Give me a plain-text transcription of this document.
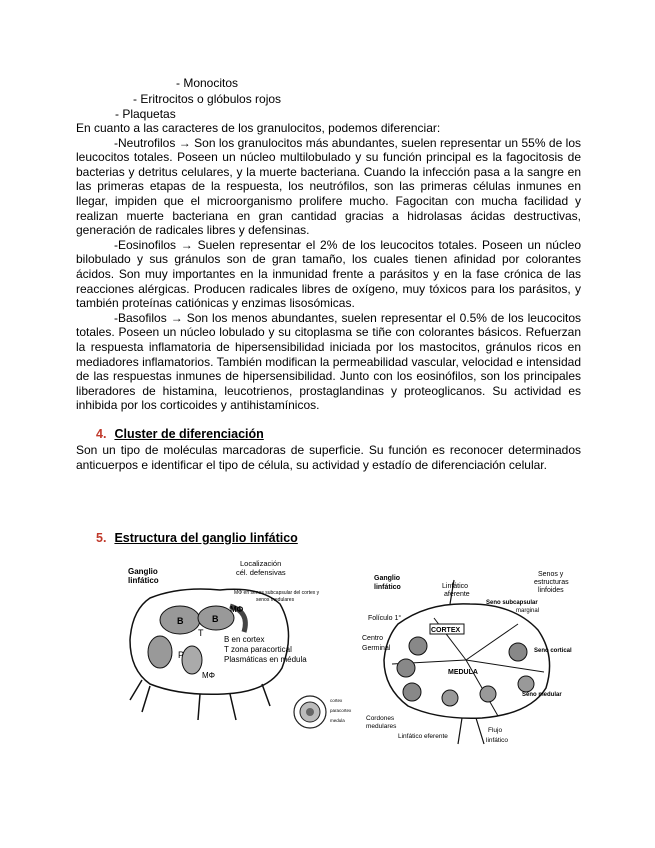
- Monocitos
- Eritrocitos o glóbulos rojos
- Plaquetas

En cuanto a las caracteres de los granulocitos, podemos diferenciar:

-Neutrofilos → Son los granulocitos más abundantes, suelen representar un 55% de los leucocitos totales. Poseen un núcleo multilobulado y su función principal es la fagocitosis de bacterias y detritus celulares, y la muerte bacteriana. Cuando la infección pasa a la sangre en las primeras etapas de la respuesta, los neutrófilos, son las primeras células inmunes en llegar, impiden que el microorganismo prolifere mucho. Fagocitan con mucha facilidad y realizan muerte bacteriana en gran cantidad gracias a hidrolasas ácidas destructivas, generación de radicales libres y defensinas.

-Eosinofilos → Suelen representar el 2% de los leucocitos totales. Poseen un núcleo bilobulado y sus gránulos son de gran tamaño, los cuales tienen afinidad por colorantes ácidos. Son muy importantes en la inmunidad frente a parásitos y en la fase crónica de las reacciones alérgicas. Producen radicales libres de oxígeno, muy tóxicos para los parásitos, y también proteínas catiónicas y enzimas lisosómicas.

-Basofilos → Son los menos abundantes, suelen representar el 0.5% de los leucocitos totales. Poseen un núcleo lobulado y su citoplasma se tiñe con colorantes básicos. Refuerzan la respuesta inflamatoria de hipersensibilidad iniciada por los mastocitos, gránulos ricos en mediadores inflamatorios. También modifican la permeabilidad vascular, velocidad e intensidad de las respuestas inmunes de hipersensibilidad. Junto con los eosinófilos, son los principales liberadores de histamina, leucotrienos, prostaglandinas y proteoglicanos. Su actividad es inhibida por los corticoides y antihistamínicos.

4. Cluster de diferenciación
Son un tipo de moléculas marcadoras de superficie. Su función es reconocer determinados anticuerpos e identificar el tipo de célula, su actividad y estadío de diferenciación celular.
5. Estructura del ganglio linfático
Ganglio
linfático
Localización
cél. defensivas
MΦ en senos subcapsular del cortex y
senos medulares
MΦ
B	B
T
P
B en cortex
T zona paracortical
Plasmáticas en médula
MΦ
cortex
paracortex
medula
Ganglio
linfático
Senos y
estructuras
linfoides
Linfático
aferente
Folículo 1°
Seno subcapsular
marginal
CORTEX
Centro
Germinal	Seno cortical
MEDULA
Seno medular
Cordones
medulares
Linfático eferente
Flujo
linfático
